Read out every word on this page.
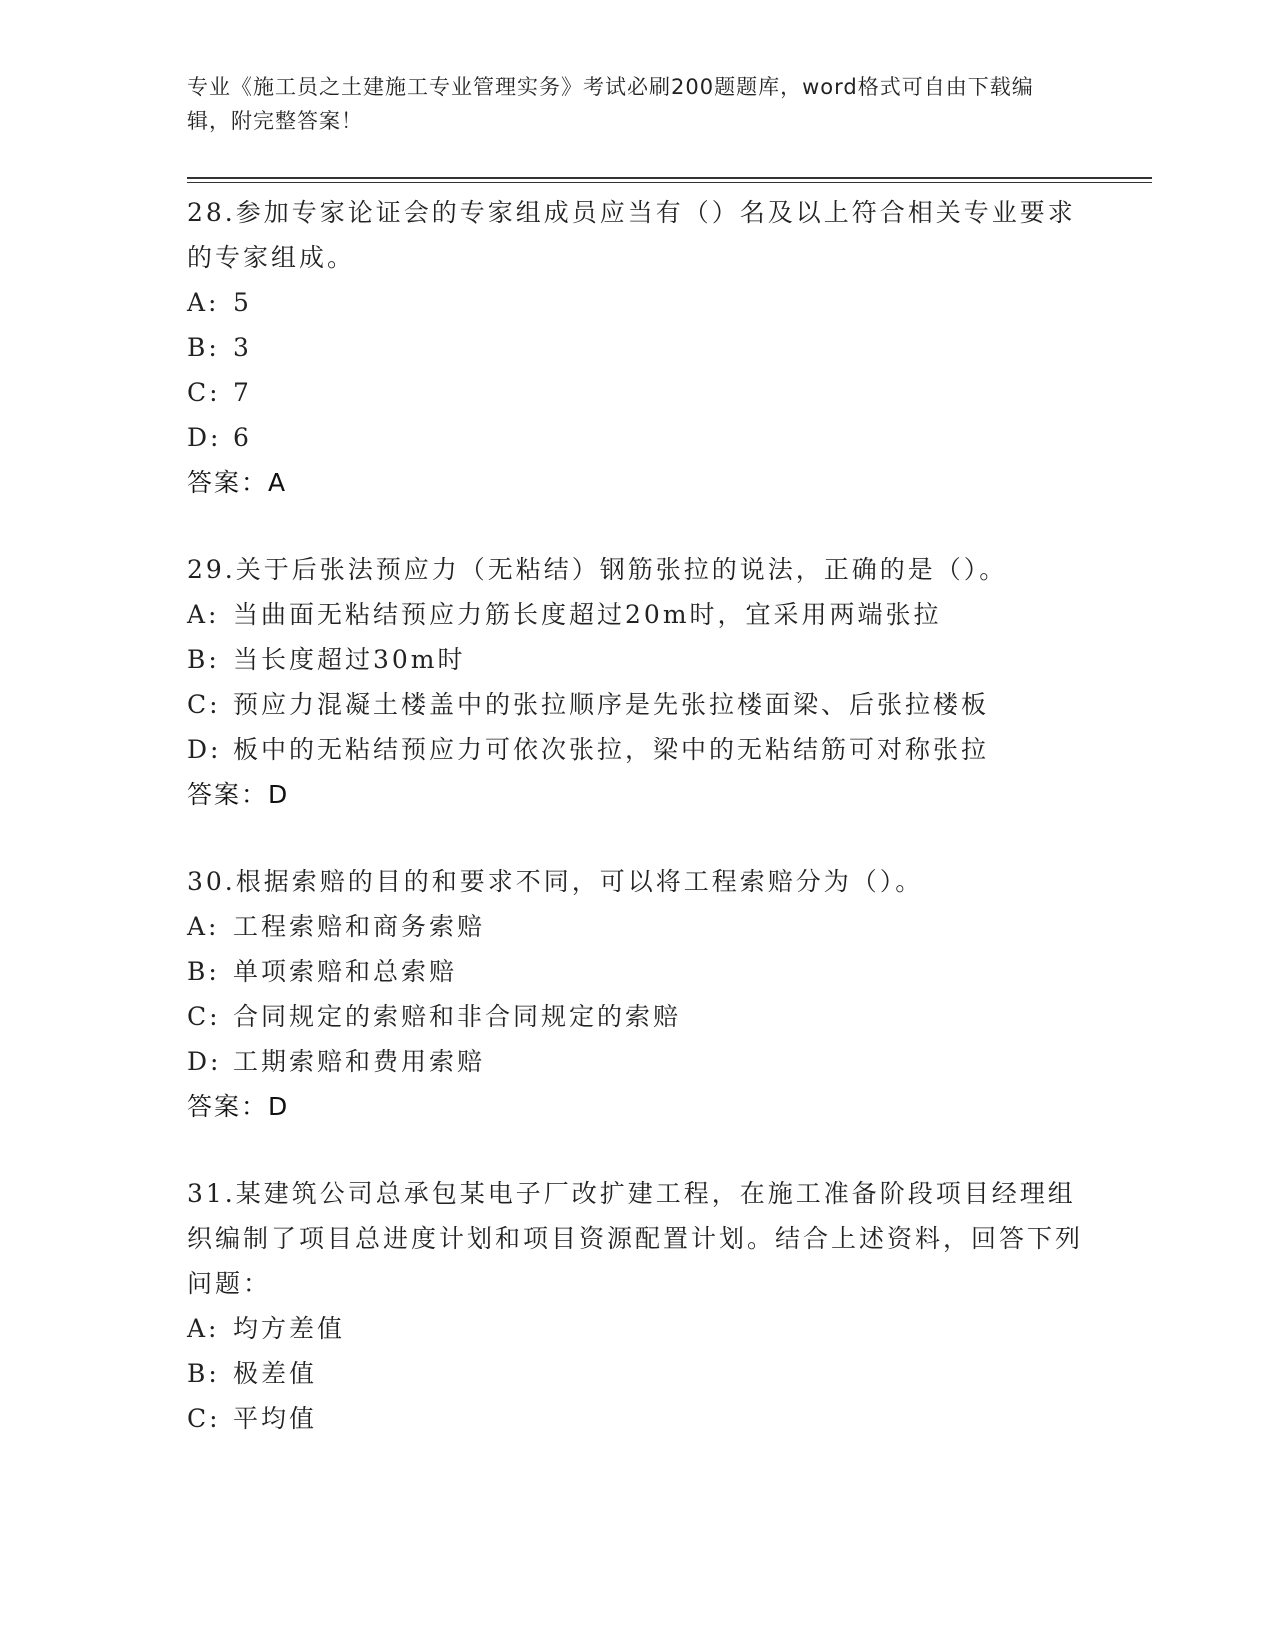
专业《施工员之土建施工专业管理实务》考试必刷200题题库，word格式可自由下载编辑，附完整答案！

28.参加专家论证会的专家组成员应当有（）名及以上符合相关专业要求的专家组成。

A: 5

B: 3

C: 7

D: 6

答案：A

29.关于后张法预应力（无粘结）钢筋张拉的说法，正确的是（）。

A: 当曲面无粘结预应力筋长度超过20m时，宜采用两端张拉

B: 当长度超过30m时

C: 预应力混凝土楼盖中的张拉顺序是先张拉楼面梁、后张拉楼板

D: 板中的无粘结预应力可依次张拉，梁中的无粘结筋可对称张拉

答案：D

30.根据索赔的目的和要求不同，可以将工程索赔分为（）。

A: 工程索赔和商务索赔

B: 单项索赔和总索赔

C: 合同规定的索赔和非合同规定的索赔

D: 工期索赔和费用索赔

答案：D

31.某建筑公司总承包某电子厂改扩建工程，在施工准备阶段项目经理组织编制了项目总进度计划和项目资源配置计划。结合上述资料，回答下列问题：

A: 均方差值

B: 极差值

C: 平均值
